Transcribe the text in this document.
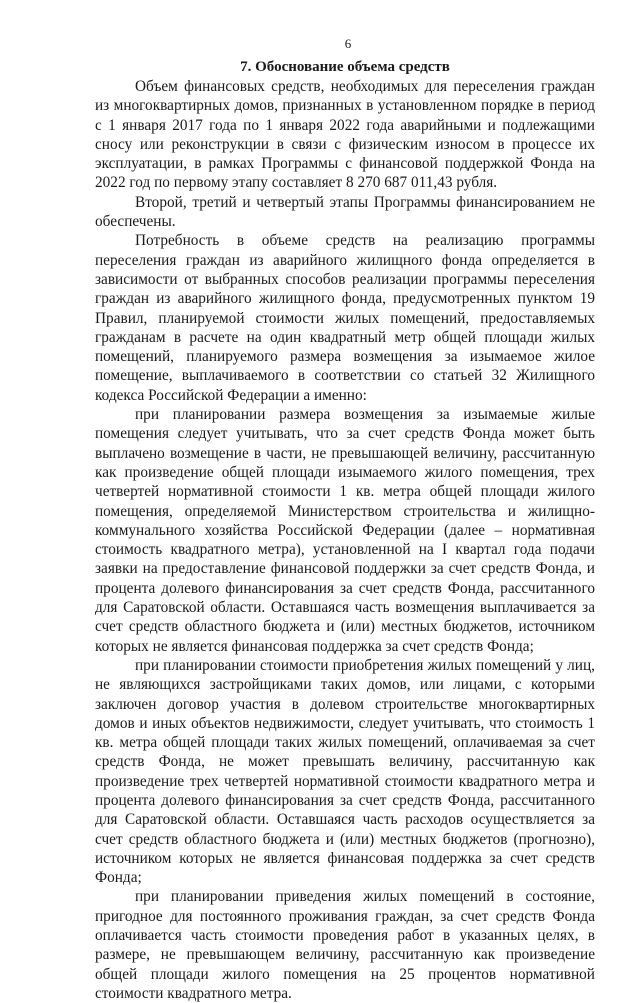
6
7. Обоснование объема средств

Объем финансовых средств, необходимых для переселения граждан из многоквартирных домов, признанных в установленном порядке в период с 1 января 2017 года по 1 января 2022 года аварийными и подлежащими сносу или реконструкции в связи с физическим износом в процессе их эксплуатации, в рамках Программы с финансовой поддержкой Фонда на 2022 год по первому этапу составляет 8 270 687 011,43 рубля.

Второй, третий и четвертый этапы Программы финансированием не обеспечены.

Потребность в объеме средств на реализацию программы переселения граждан из аварийного жилищного фонда определяется в зависимости от выбранных способов реализации программы переселения граждан из аварийного жилищного фонда, предусмотренных пунктом 19 Правил, планируемой стоимости жилых помещений, предоставляемых гражданам в расчете на один квадратный метр общей площади жилых помещений, планируемого размера возмещения за изымаемое жилое помещение, выплачиваемого в соответствии со статьей 32 Жилищного кодекса Российской Федерации а именно:

при планировании размера возмещения за изымаемые жилые помещения следует учитывать, что за счет средств Фонда может быть выплачено возмещение в части, не превышающей величину, рассчитанную как произведение общей площади изымаемого жилого помещения, трех четвертей нормативной стоимости 1 кв. метра общей площади жилого помещения, определяемой Министерством строительства и жилищно-коммунального хозяйства Российской Федерации (далее – нормативная стоимость квадратного метра), установленной на I квартал года подачи заявки на предоставление финансовой поддержки за счет средств Фонда, и процента долевого финансирования за счет средств Фонда, рассчитанного для Саратовской области. Оставшаяся часть возмещения выплачивается за счет средств областного бюджета и (или) местных бюджетов, источником которых не является финансовая поддержка за счет средств Фонда;

при планировании стоимости приобретения жилых помещений у лиц, не являющихся застройщиками таких домов, или лицами, с которыми заключен договор участия в долевом строительстве многоквартирных домов и иных объектов недвижимости, следует учитывать, что стоимость 1 кв. метра общей площади таких жилых помещений, оплачиваемая за счет средств Фонда, не может превышать величину, рассчитанную как произведение трех четвертей нормативной стоимости квадратного метра и процента долевого финансирования за счет средств Фонда, рассчитанного для Саратовской области. Оставшаяся часть расходов осуществляется за счет средств областного бюджета и (или) местных бюджетов (прогнозно), источником которых не является финансовая поддержка за счет средств Фонда;

при планировании приведения жилых помещений в состояние, пригодное для постоянного проживания граждан, за счет средств Фонда оплачивается часть стоимости проведения работ в указанных целях, в размере, не превышающем величину, рассчитанную как произведение общей площади жилого помещения на 25 процентов нормативной стоимости квадратного метра.
